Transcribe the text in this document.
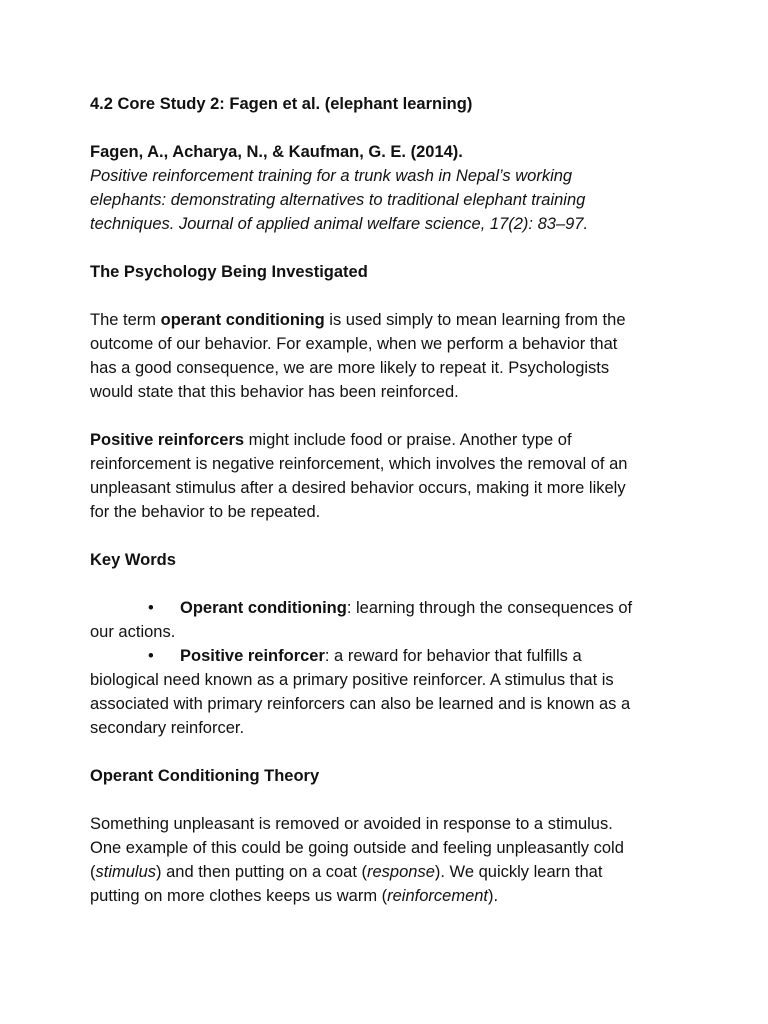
4.2 Core Study 2: Fagen et al. (elephant learning)

Fagen, A., Acharya, N., & Kaufman, G. E. (2014).

Positive reinforcement training for a trunk wash in Nepal’s working
elephants: demonstrating alternatives to traditional elephant training
techniques. Journal of applied animal welfare science, 17(2): 83–97.

The Psychology Being Investigated

The term operant conditioning is used simply to mean learning from the
outcome of our behavior. For example, when we perform a behavior that
has a good consequence, we are more likely to repeat it. Psychologists
would state that this behavior has been reinforced.

Positive reinforcers might include food or praise. Another type of
reinforcement is negative reinforcement, which involves the removal of an
unpleasant stimulus after a desired behavior occurs, making it more likely
for the behavior to be repeated.

Key Words

• Operant conditioning: learning through the consequences of
our actions.

• Positive reinforcer: a reward for behavior that fulfills a
biological need known as a primary positive reinforcer. A stimulus that is
associated with primary reinforcers can also be learned and is known as a
secondary reinforcer.

Operant Conditioning Theory

Something unpleasant is removed or avoided in response to a stimulus.
One example of this could be going outside and feeling unpleasantly cold
(stimulus) and then putting on a coat (response). We quickly learn that
putting on more clothes keeps us warm (reinforcement).
